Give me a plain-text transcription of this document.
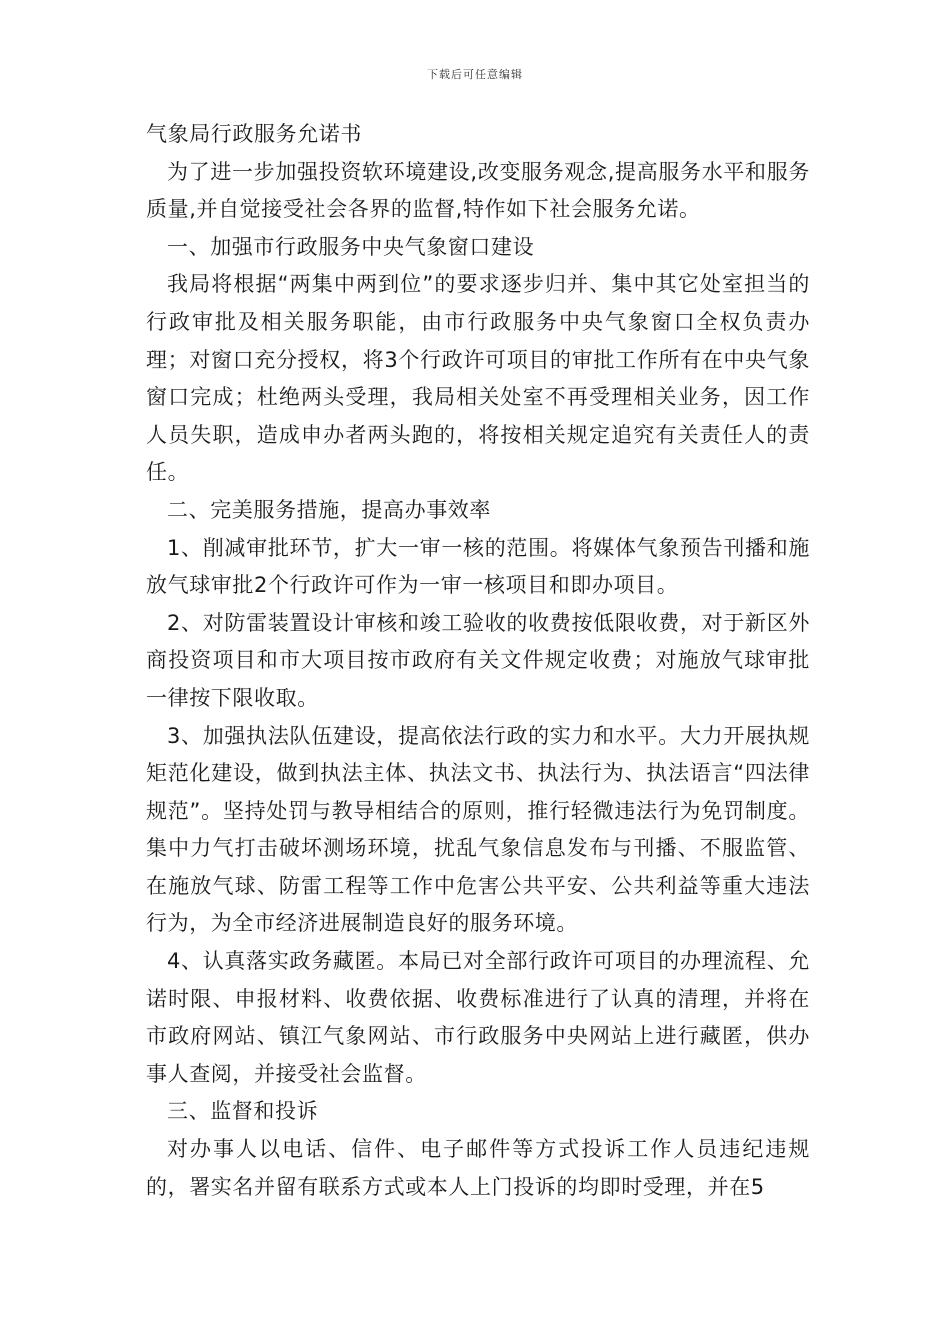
下载后可任意编辑

气象局行政服务允诺书

为了进一步加强投资软环境建设,改变服务观念,提高服务水平和服务质量,并自觉接受社会各界的监督,特作如下社会服务允诺。

一、加强市行政服务中央气象窗口建设

我局将根据“两集中两到位”的要求逐步归并、集中其它处室担当的行政审批及相关服务职能，由市行政服务中央气象窗口全权负责办理；对窗口充分授权，将3个行政许可项目的审批工作所有在中央气象窗口完成；杜绝两头受理，我局相关处室不再受理相关业务，因工作人员失职，造成申办者两头跑的，将按相关规定追究有关责任人的责任。

二、完美服务措施，提高办事效率

1、削减审批环节，扩大一审一核的范围。将媒体气象预告刊播和施放气球审批2个行政许可作为一审一核项目和即办项目。

2、对防雷装置设计审核和竣工验收的收费按低限收费，对于新区外商投资项目和市大项目按市政府有关文件规定收费；对施放气球审批一律按下限收取。

3、加强执法队伍建设，提高依法行政的实力和水平。大力开展执规矩范化建设，做到执法主体、执法文书、执法行为、执法语言“四法律规范”。坚持处罚与教导相结合的原则，推行轻微违法行为免罚制度。集中力气打击破坏测场环境，扰乱气象信息发布与刊播、不服监管、在施放气球、防雷工程等工作中危害公共平安、公共利益等重大违法行为，为全市经济进展制造良好的服务环境。

4、认真落实政务藏匿。本局已对全部行政许可项目的办理流程、允诺时限、申报材料、收费依据、收费标准进行了认真的清理，并将在市政府网站、镇江气象网站、市行政服务中央网站上进行藏匿，供办事人查阅，并接受社会监督。

三、监督和投诉

对办事人以电话、信件、电子邮件等方式投诉工作人员违纪违规的，署实名并留有联系方式或本人上门投诉的均即时受理，并在5
